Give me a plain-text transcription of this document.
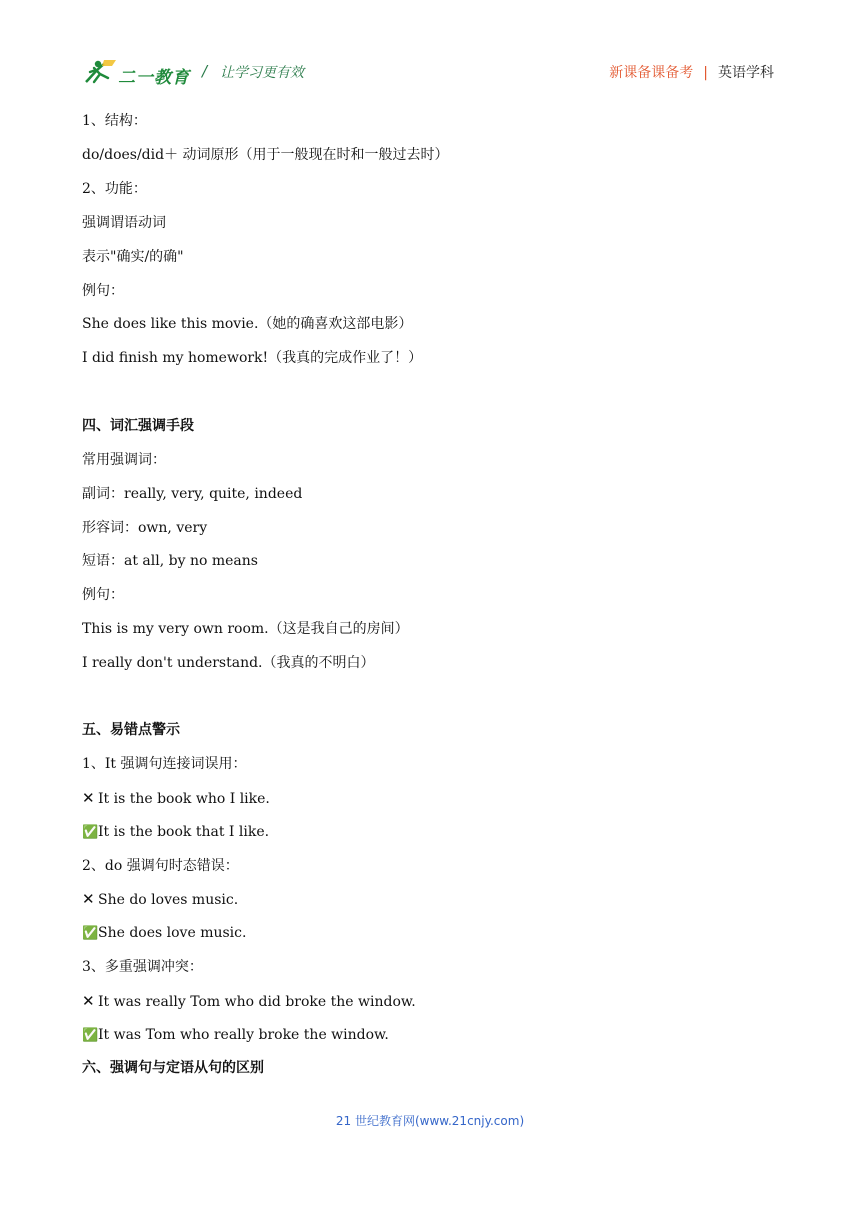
二一教育 / 让学习更有效	新课备课备考 | 英语学科
1、结构：
do/does/did＋ 动词原形（用于一般现在时和一般过去时）
2、功能：
强调谓语动词
表示"确实/的确"
例句：
She does like this movie.（她的确喜欢这部电影）
I did finish my homework!（我真的完成作业了！）
四、词汇强调手段
常用强调词：
副词：really, very, quite, indeed
形容词：own, very
短语：at all, by no means
例句：
This is my very own room.（这是我自己的房间）
I really don't understand.（我真的不明白）
五、易错点警示
1、It 强调句连接词误用：
✕ It is the book who I like.
✅It is the book that I like.
2、do 强调句时态错误：
✕ She do loves music.
✅She does love music.
3、多重强调冲突：
✕ It was really Tom who did broke the window.
✅It was Tom who really broke the window.
六、强调句与定语从句的区别
21 世纪教育网(www.21cnjy.com)
